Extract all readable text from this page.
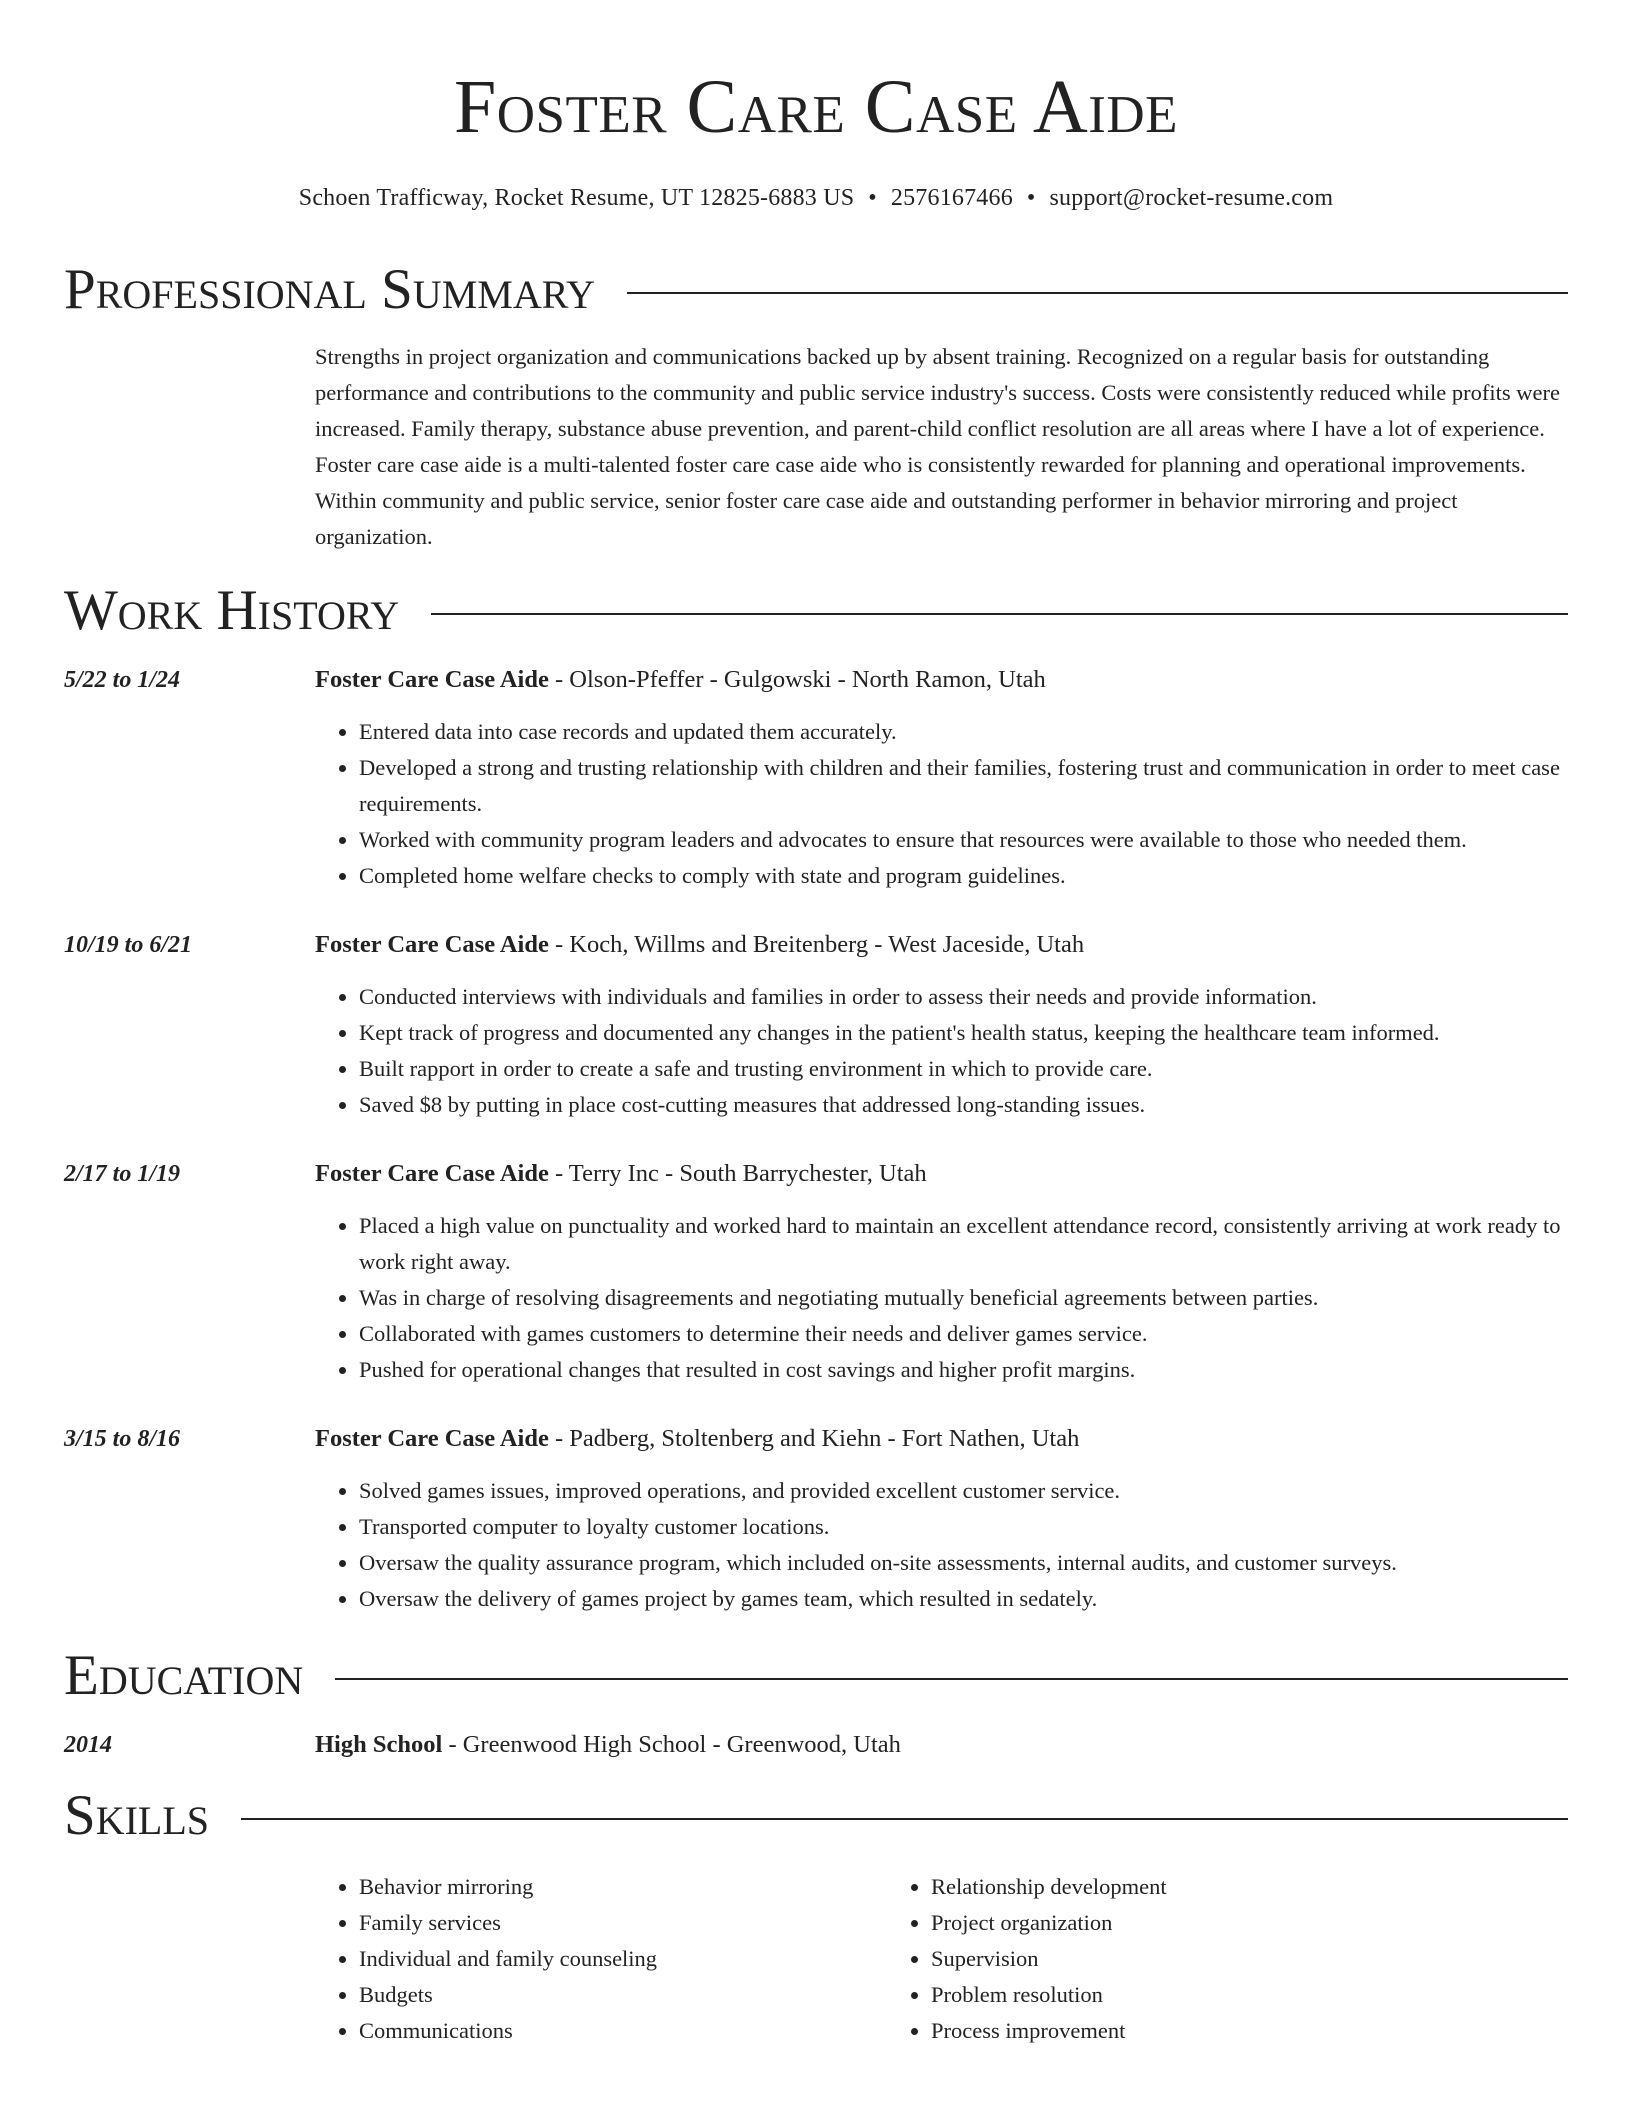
Foster Care Case Aide
Schoen Trafficway, Rocket Resume, UT 12825-6883 US • 2576167466 • support@rocket-resume.com
Professional Summary

Strengths in project organization and communications backed up by absent training. Recognized on a regular basis for outstanding performance and contributions to the community and public service industry's success. Costs were consistently reduced while profits were increased. Family therapy, substance abuse prevention, and parent-child conflict resolution are all areas where I have a lot of experience. Foster care case aide is a multi-talented foster care case aide who is consistently rewarded for planning and operational improvements. Within community and public service, senior foster care case aide and outstanding performer in behavior mirroring and project organization.

Work History
5/22 to 1/24	Foster Care Case Aide - Olson-Pfeffer - Gulgowski - North Ramon, Utah
• Entered data into case records and updated them accurately.
• Developed a strong and trusting relationship with children and their families, fostering trust and communication in order to meet case requirements.
• Worked with community program leaders and advocates to ensure that resources were available to those who needed them.
• Completed home welfare checks to comply with state and program guidelines.
10/19 to 6/21	Foster Care Case Aide - Koch, Willms and Breitenberg - West Jaceside, Utah
• Conducted interviews with individuals and families in order to assess their needs and provide information.
• Kept track of progress and documented any changes in the patient's health status, keeping the healthcare team informed.
• Built rapport in order to create a safe and trusting environment in which to provide care.
• Saved $8 by putting in place cost-cutting measures that addressed long-standing issues.
2/17 to 1/19	Foster Care Case Aide - Terry Inc - South Barrychester, Utah
• Placed a high value on punctuality and worked hard to maintain an excellent attendance record, consistently arriving at work ready to work right away.
• Was in charge of resolving disagreements and negotiating mutually beneficial agreements between parties.
• Collaborated with games customers to determine their needs and deliver games service.
• Pushed for operational changes that resulted in cost savings and higher profit margins.
3/15 to 8/16	Foster Care Case Aide - Padberg, Stoltenberg and Kiehn - Fort Nathen, Utah
• Solved games issues, improved operations, and provided excellent customer service.
• Transported computer to loyalty customer locations.
• Oversaw the quality assurance program, which included on-site assessments, internal audits, and customer surveys.
• Oversaw the delivery of games project by games team, which resulted in sedately.
Education
2014	High School - Greenwood High School - Greenwood, Utah
Skills
• Behavior mirroring
• Family services
• Individual and family counseling
• Budgets
• Communications
• Relationship development
• Project organization
• Supervision
• Problem resolution
• Process improvement
